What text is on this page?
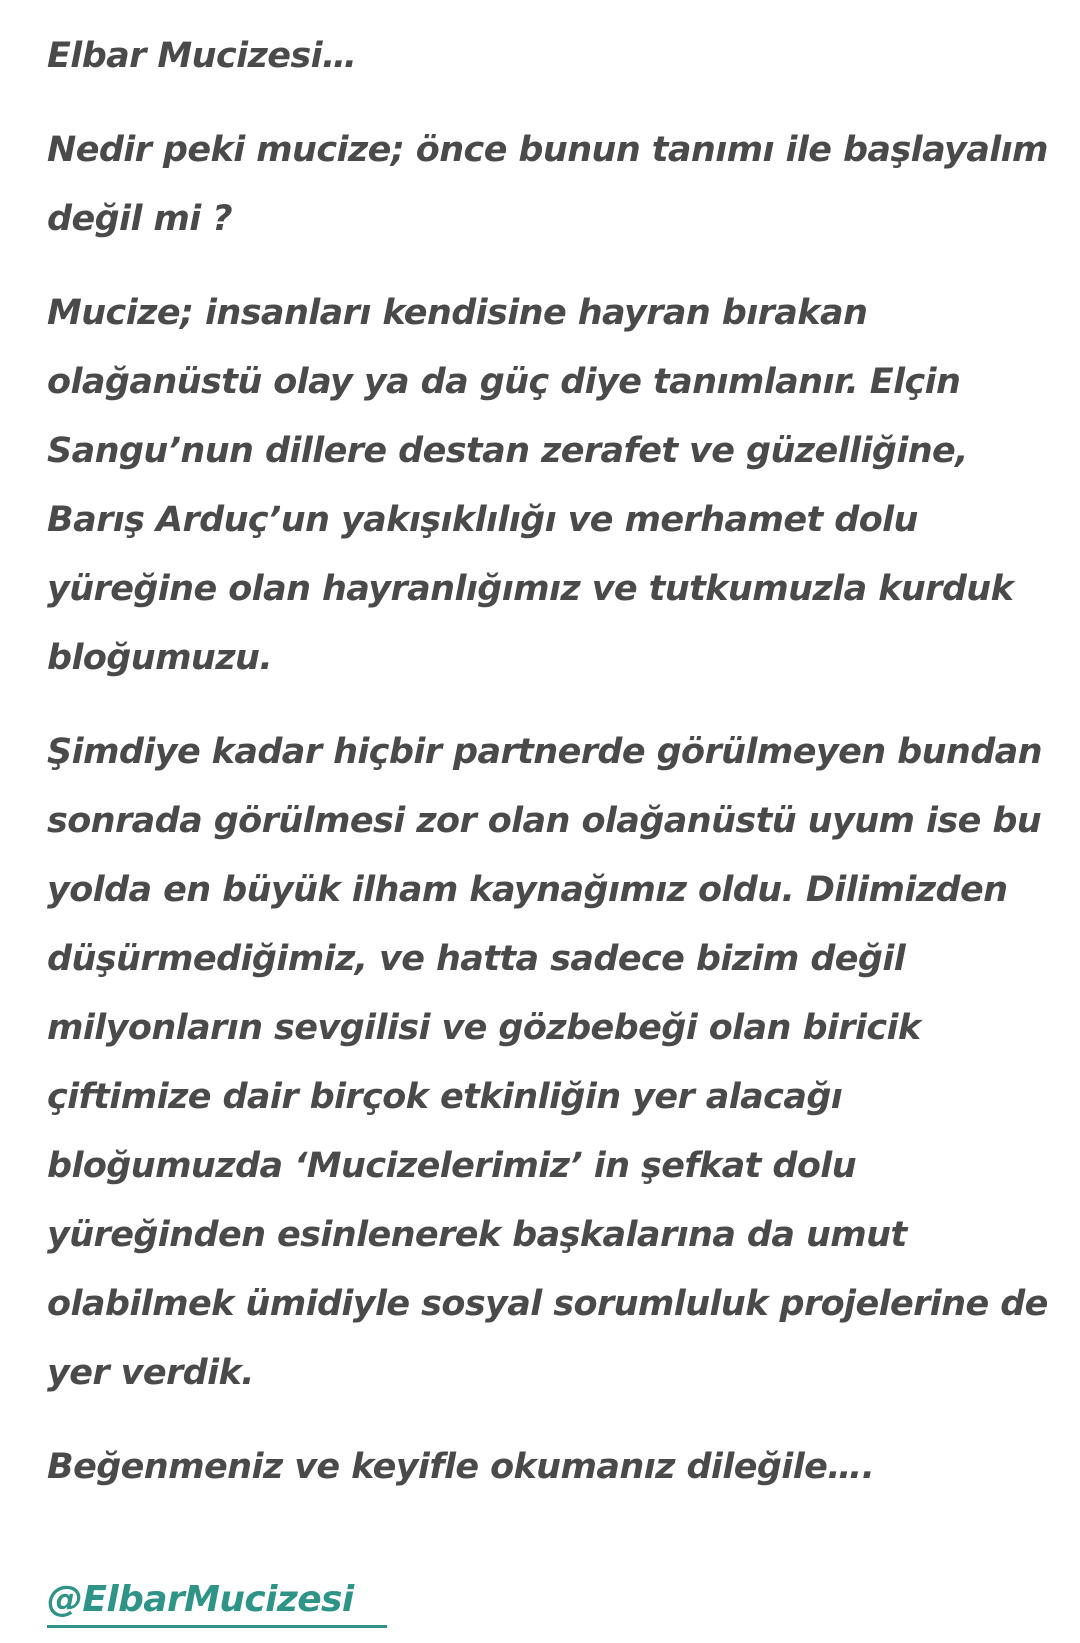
Elbar Mucizesi…

Nedir peki mucize; önce bunun tanımı ile başlayalım değil mi ?

Mucize; insanları kendisine hayran bırakan olağanüstü olay ya da güç diye tanımlanır. Elçin Sangu’nun dillere destan zerafet ve güzelliğine, Barış Arduç’un yakışıklılığı ve merhamet dolu yüreğine olan hayranlığımız ve tutkumuzla kurduk bloğumuzu.

Şimdiye kadar hiçbir partnerde görülmeyen bundan sonrada görülmesi zor olan olağanüstü uyum ise bu yolda en büyük ilham kaynağımız oldu. Dilimizden düşürmediğimiz, ve hatta sadece bizim değil milyonların sevgilisi ve gözbebeği olan biricik çiftimize dair birçok etkinliğin yer alacağı bloğumuzda ‘Mucizelerimiz’ in şefkat dolu yüreğinden esinlenerek başkalarına da umut olabilmek ümidiyle sosyal sorumluluk projelerine de yer verdik.

Beğenmeniz ve keyifle okumanız dileğile….

@ElbarMucizesi
